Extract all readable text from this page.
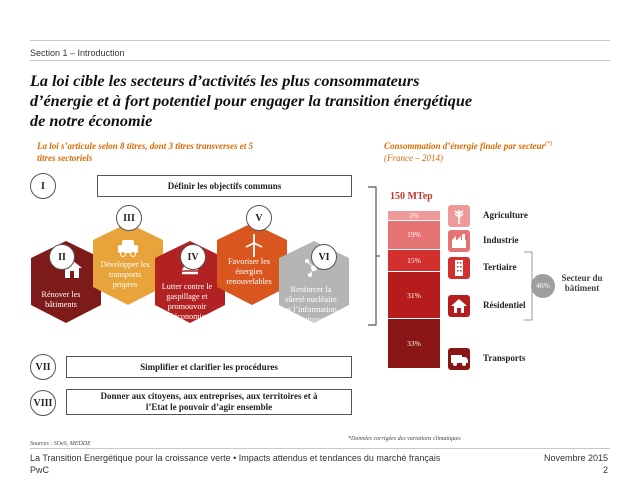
Section 1 – Introduction
La loi cible les secteurs d’activités les plus consommateurs
d’énergie et à fort potentiel pour engager la transition énergétique
de notre économie
La loi s’articule selon 8 titres, dont 3 titres transverses et 5
titres sectoriels
I	Définir les objectifs communs
Rénover les
bâtiments
Développer les
transports
propres	Lutter contre le
gaspillage et
promouvoir
l’économie
circulaire
Favoriser les
énergies
renouvelables
Renforcer la
sûreté nucléaire
et l’information
des citoyens
II
III
IV
V
VI
VII	Simplifier et clarifier les procédures
VIII
Donner aux citoyens, aux entreprises, aux territoires et à
l’Etat le pouvoir d’agir ensemble
Consommation d’énergie finale par secteur(*)
(France – 2014)
150 MTep
3%
19%
15%
31%
33%
Agriculture
Industrie
Tertiaire
Résidentiel
Transports
46%
Secteur du
bâtiment
*Données corrigées des variations climatiques
Sources : SOeS, MEDDE
La Transition Energétique pour la croissance verte • Impacts attendus et tendances du marché français
PwC
Novembre 2015
2
